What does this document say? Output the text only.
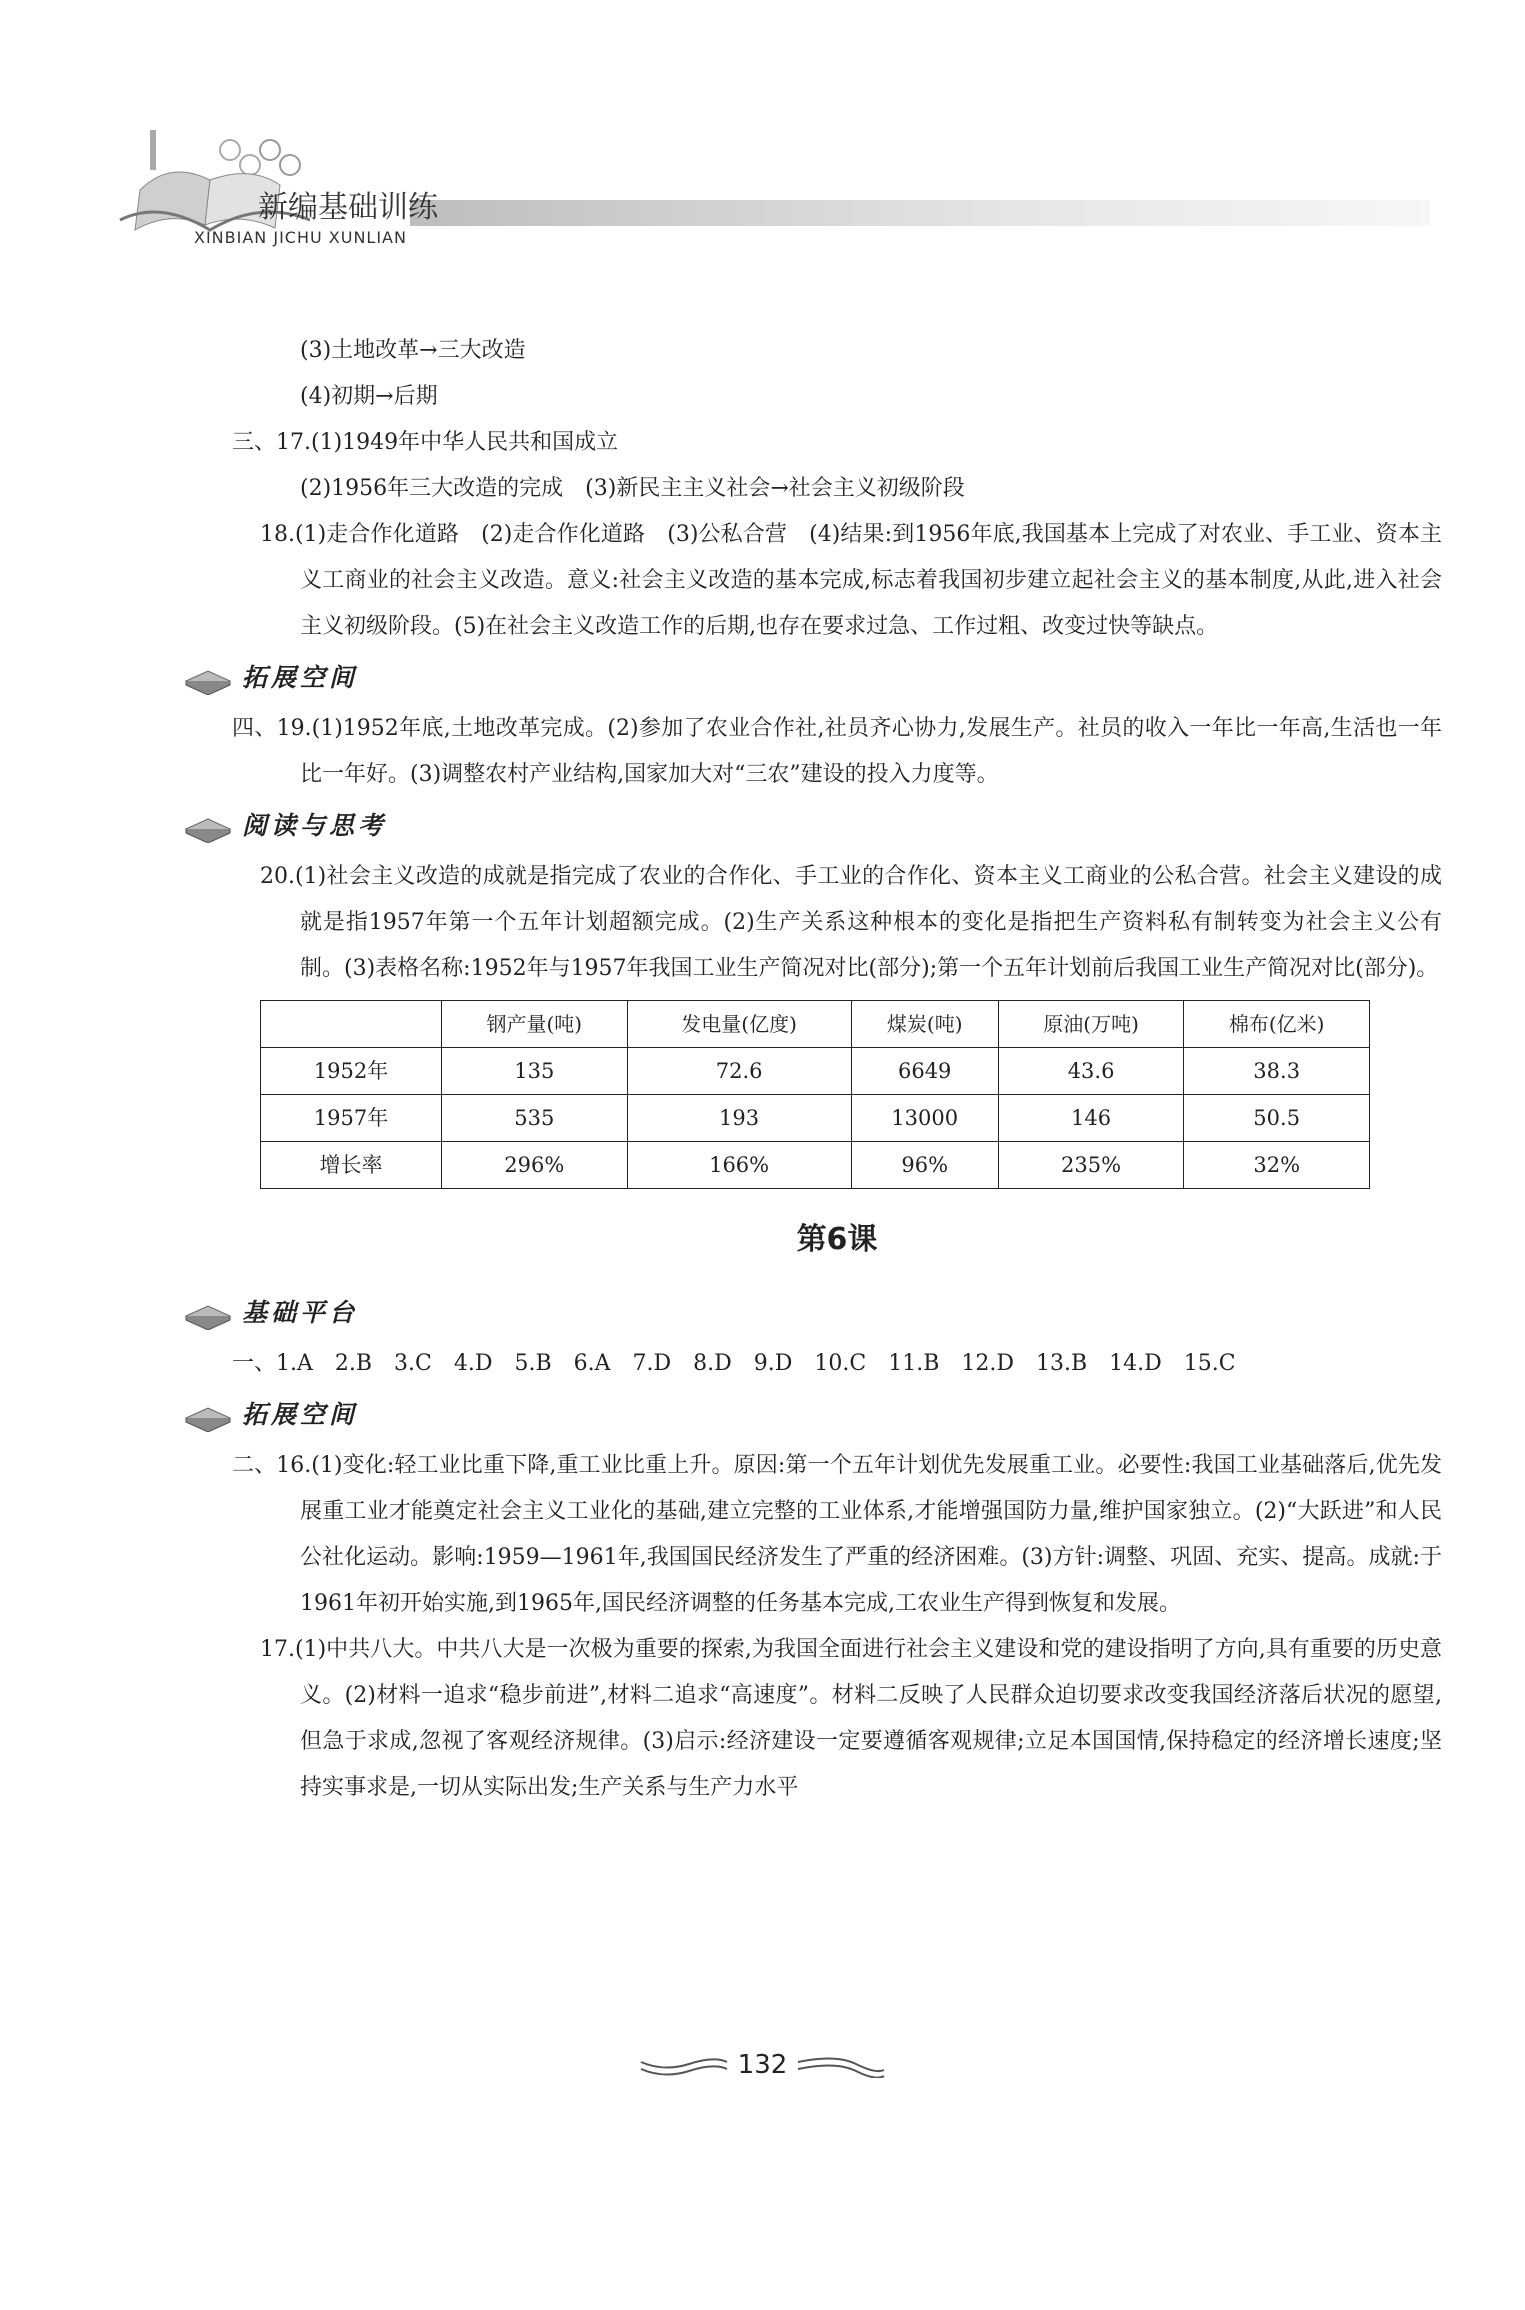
新编基础训练
XINBIAN JICHU XUNLIAN

(3)土地改革→三大改造

(4)初期→后期

三、17.(1)1949年中华人民共和国成立

(2)1956年三大改造的完成　(3)新民主主义社会→社会主义初级阶段

18.(1)走合作化道路　(2)走合作化道路　(3)公私合营　(4)结果:到1956年底,我国基本上完成了对农业、手工业、资本主义工商业的社会主义改造。意义:社会主义改造的基本完成,标志着我国初步建立起社会主义的基本制度,从此,进入社会主义初级阶段。(5)在社会主义改造工作的后期,也存在要求过急、工作过粗、改变过快等缺点。

拓展空间

四、19.(1)1952年底,土地改革完成。(2)参加了农业合作社,社员齐心协力,发展生产。社员的收入一年比一年高,生活也一年比一年好。(3)调整农村产业结构,国家加大对“三农”建设的投入力度等。

阅读与思考

20.(1)社会主义改造的成就是指完成了农业的合作化、手工业的合作化、资本主义工商业的公私合营。社会主义建设的成就是指1957年第一个五年计划超额完成。(2)生产关系这种根本的变化是指把生产资料私有制转变为社会主义公有制。(3)表格名称:1952年与1957年我国工业生产简况对比(部分);第一个五年计划前后我国工业生产简况对比(部分)。

	钢产量(吨)	发电量(亿度)	煤炭(吨)	原油(万吨)	棉布(亿米)
1952年	135	72.6	6649	43.6	38.3
1957年	535	193	13000	146	50.5
增长率	296%	166%	96%	235%	32%
第6课
基础平台

一、1.A　2.B　3.C　4.D　5.B　6.A　7.D　8.D　9.D　10.C　11.B　12.D　13.B　14.D　15.C

拓展空间

二、16.(1)变化:轻工业比重下降,重工业比重上升。原因:第一个五年计划优先发展重工业。必要性:我国工业基础落后,优先发展重工业才能奠定社会主义工业化的基础,建立完整的工业体系,才能增强国防力量,维护国家独立。(2)“大跃进”和人民公社化运动。影响:1959—1961年,我国国民经济发生了严重的经济困难。(3)方针:调整、巩固、充实、提高。成就:于1961年初开始实施,到1965年,国民经济调整的任务基本完成,工农业生产得到恢复和发展。

17.(1)中共八大。中共八大是一次极为重要的探索,为我国全面进行社会主义建设和党的建设指明了方向,具有重要的历史意义。(2)材料一追求“稳步前进”,材料二追求“高速度”。材料二反映了人民群众迫切要求改变我国经济落后状况的愿望,但急于求成,忽视了客观经济规律。(3)启示:经济建设一定要遵循客观规律;立足本国国情,保持稳定的经济增长速度;坚持实事求是,一切从实际出发;生产关系与生产力水平

132
